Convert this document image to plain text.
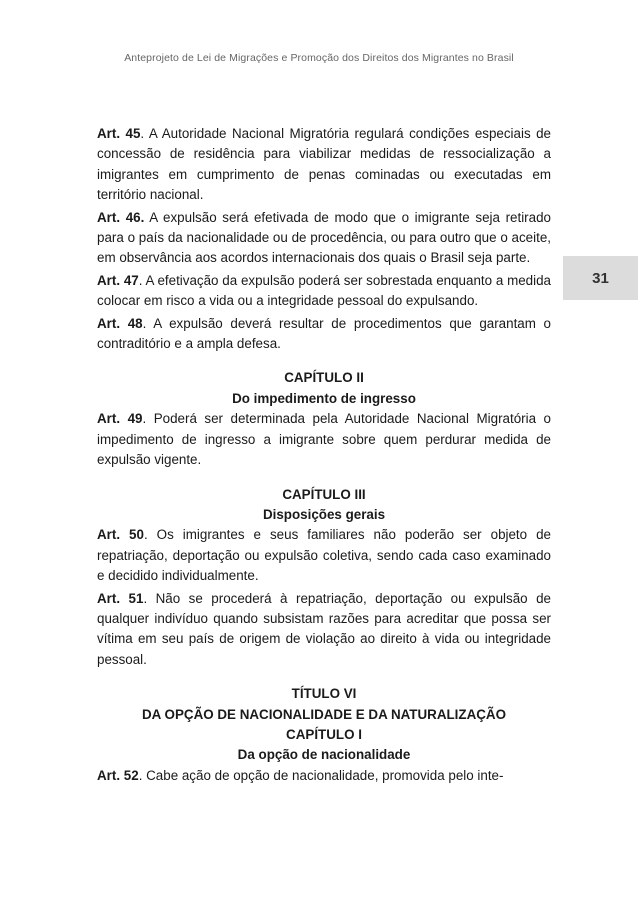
Anteprojeto de Lei de Migrações e Promoção dos Direitos dos Migrantes no Brasil
31

Art. 45. A Autoridade Nacional Migratória regulará condições especiais de concessão de residência para viabilizar medidas de ressocialização a imigrantes em cumprimento de penas cominadas ou executadas em território nacional.

Art. 46. A expulsão será efetivada de modo que o imigrante seja retirado para o país da nacionalidade ou de procedência, ou para outro que o aceite, em observância aos acordos internacionais dos quais o Brasil seja parte.

Art. 47. A efetivação da expulsão poderá ser sobrestada enquanto a medida colocar em risco a vida ou a integridade pessoal do expulsando.

Art. 48. A expulsão deverá resultar de procedimentos que garantam o contraditório e a ampla defesa.

CAPÍTULO II

Do impedimento de ingresso

Art. 49. Poderá ser determinada pela Autoridade Nacional Migratória o impedimento de ingresso a imigrante sobre quem perdurar medida de expulsão vigente.

CAPÍTULO III

Disposições gerais

Art. 50. Os imigrantes e seus familiares não poderão ser objeto de repatriação, deportação ou expulsão coletiva, sendo cada caso examinado e decidido individualmente.

Art. 51. Não se procederá à repatriação, deportação ou expulsão de qualquer indivíduo quando subsistam razões para acreditar que possa ser vítima em seu país de origem de violação ao direito à vida ou integridade pessoal.

TÍTULO VI

DA OPÇÃO DE NACIONALIDADE E DA NATURALIZAÇÃO

CAPÍTULO I

Da opção de nacionalidade

Art. 52. Cabe ação de opção de nacionalidade, promovida pelo inte-
